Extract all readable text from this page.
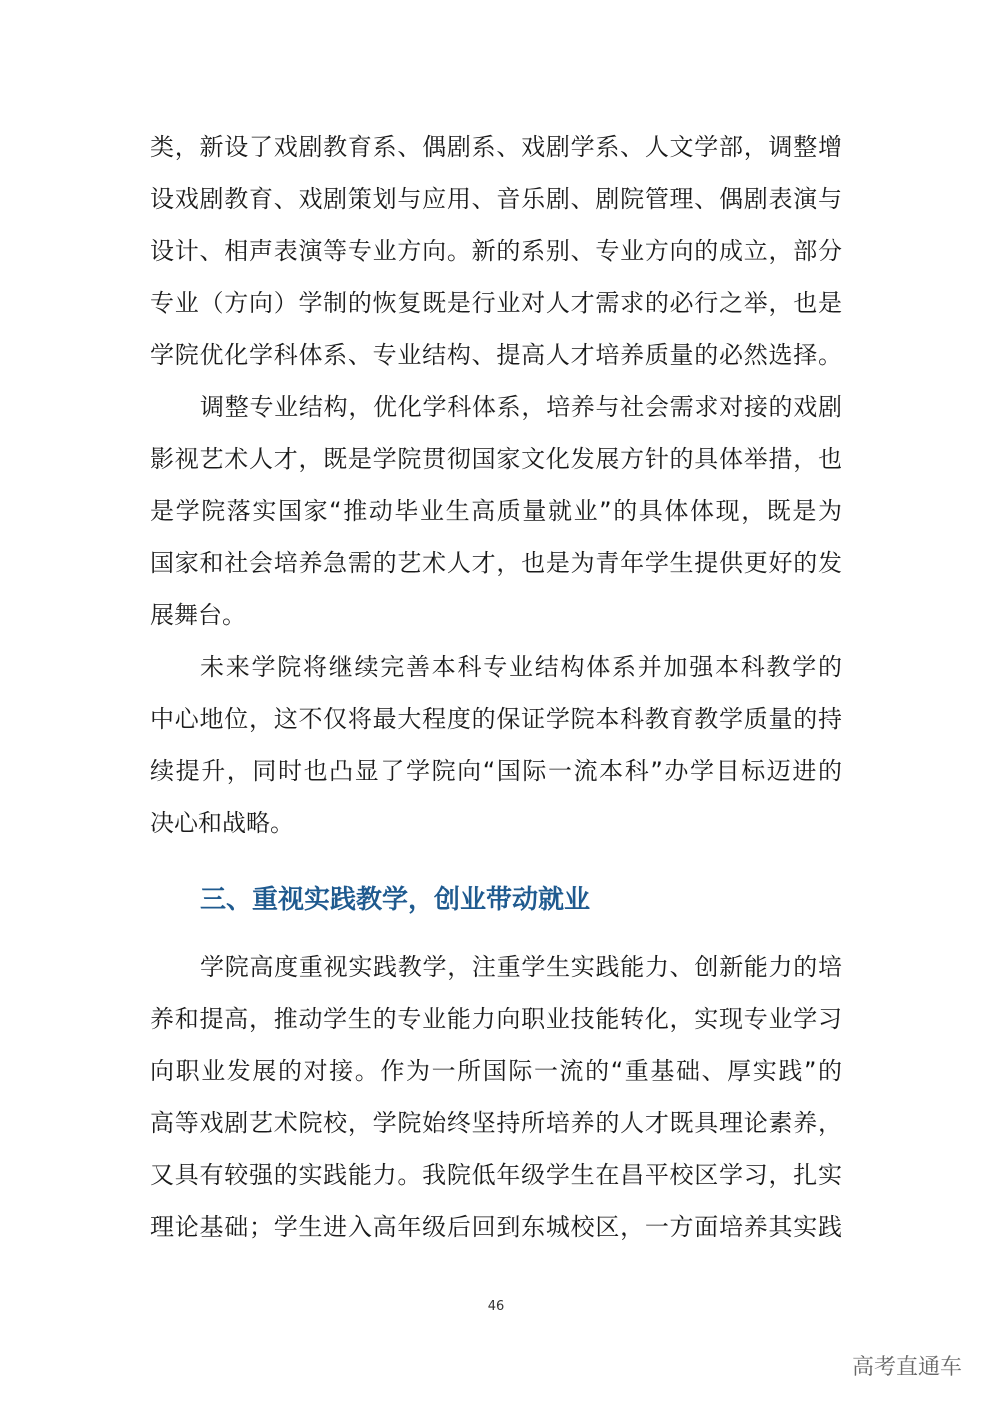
类，新设了戏剧教育系、偶剧系、戏剧学系、人文学部，调整增
设戏剧教育、戏剧策划与应用、音乐剧、剧院管理、偶剧表演与
设计、相声表演等专业方向。新的系别、专业方向的成立，部分
专业（方向）学制的恢复既是行业对人才需求的必行之举，也是
学院优化学科体系、专业结构、提高人才培养质量的必然选择。
调整专业结构，优化学科体系，培养与社会需求对接的戏剧
影视艺术人才，既是学院贯彻国家文化发展方针的具体举措，也
是学院落实国家“推动毕业生高质量就业”的具体体现，既是为
国家和社会培养急需的艺术人才，也是为青年学生提供更好的发
展舞台。
未来学院将继续完善本科专业结构体系并加强本科教学的
中心地位，这不仅将最大程度的保证学院本科教育教学质量的持
续提升，同时也凸显了学院向“国际一流本科”办学目标迈进的
决心和战略。
三、重视实践教学，创业带动就业
学院高度重视实践教学，注重学生实践能力、创新能力的培
养和提高，推动学生的专业能力向职业技能转化，实现专业学习
向职业发展的对接。作为一所国际一流的“重基础、厚实践”的
高等戏剧艺术院校，学院始终坚持所培养的人才既具理论素养，
又具有较强的实践能力。我院低年级学生在昌平校区学习，扎实
理论基础；学生进入高年级后回到东城校区，一方面培养其实践
46
高考直通车
